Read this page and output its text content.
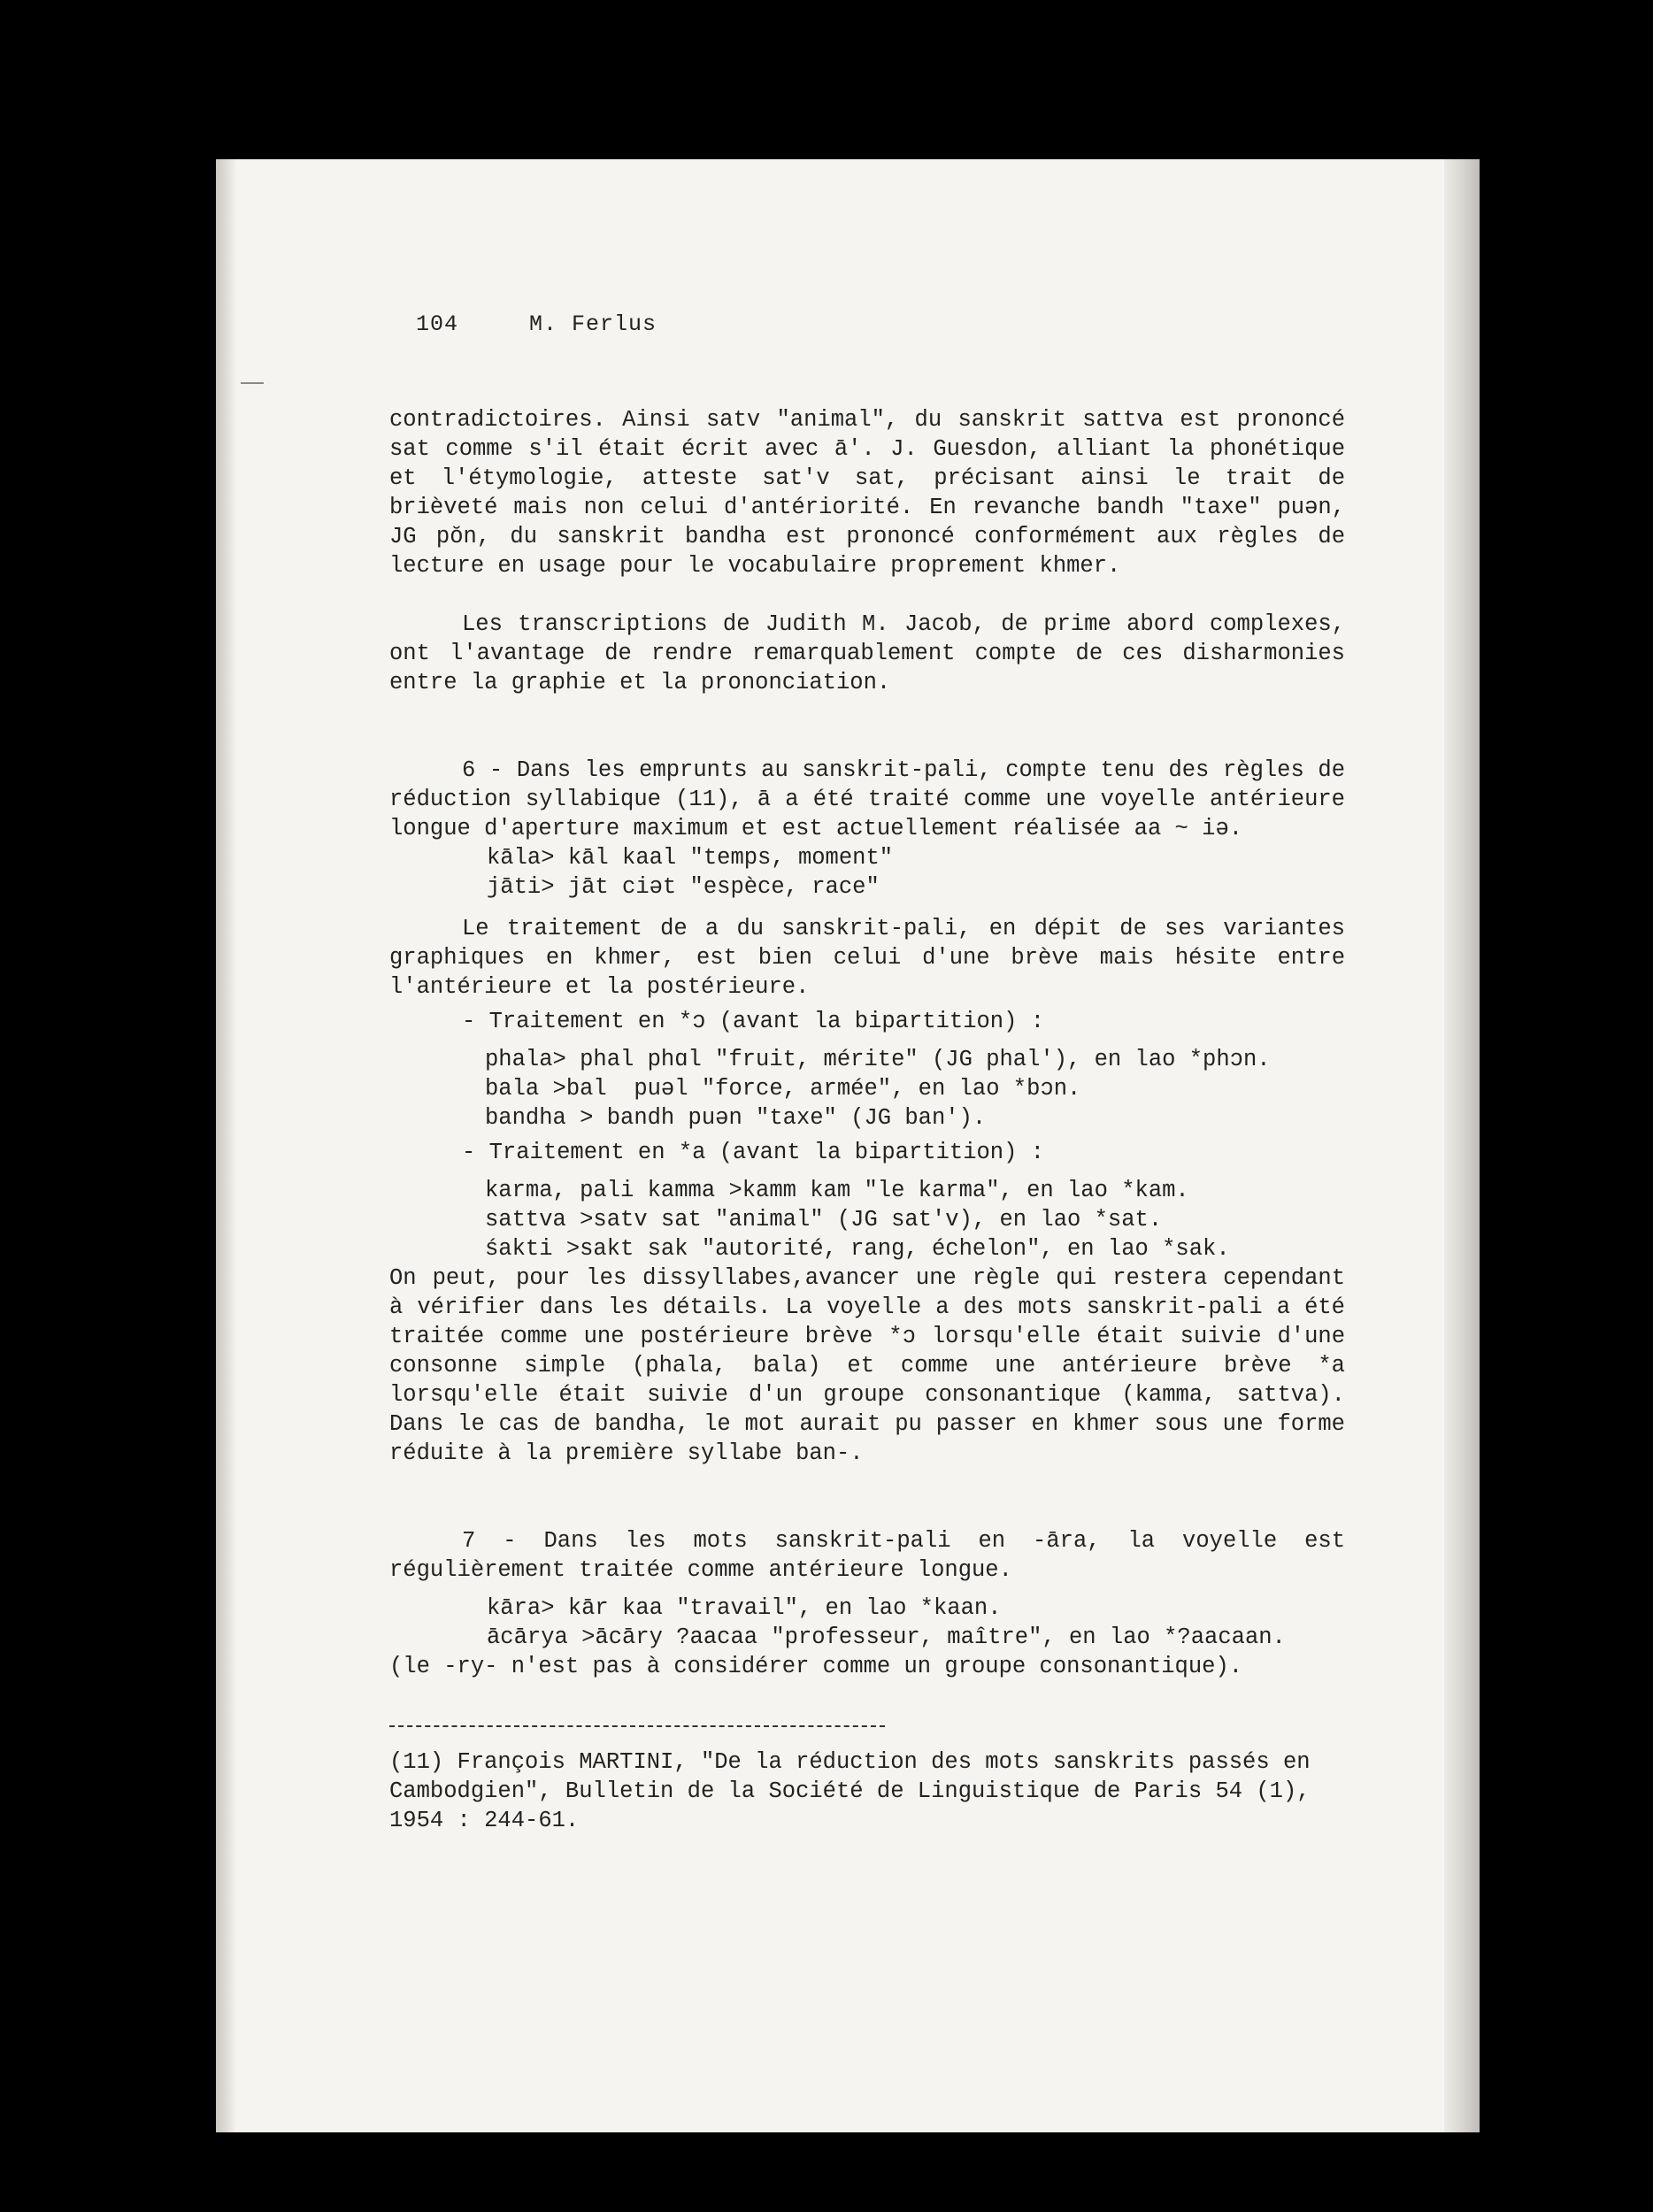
104	M. Ferlus

contradictoires. Ainsi satv "animal", du sanskrit sattva est prononcé sat comme s'il était écrit avec ā'. J. Guesdon, alliant la phonétique et l'étymologie, atteste sat'v sat, précisant ainsi le trait de brièveté mais non celui d'antériorité. En revanche bandh "taxe" puən, JG pŏn, du sanskrit bandha est prononcé conformément aux règles de lecture en usage pour le vocabulaire proprement khmer.

Les transcriptions de Judith M. Jacob, de prime abord complexes, ont l'avantage de rendre remarquablement compte de ces disharmonies entre la graphie et la prononciation.

6 - Dans les emprunts au sanskrit-pali, compte tenu des règles de réduction syllabique (11), ā a été traité comme une voyelle antérieure longue d'aperture maximum et est actuellement réalisée aa ~ iə.

kāla> kāl kaal "temps, moment"

jāti> jāt ciət "espèce, race"

Le traitement de a du sanskrit-pali, en dépit de ses variantes graphiques en khmer, est bien celui d'une brève mais hésite entre l'antérieure et la postérieure.

- Traitement en *ɔ (avant la bipartition) :

phala> phal phɑl "fruit, mérite" (JG phal'), en lao *phɔn.

bala >bal  puəl "force, armée", en lao *bɔn.

bandha > bandh puən "taxe" (JG ban').

- Traitement en *a (avant la bipartition) :

karma, pali kamma >kamm kam "le karma", en lao *kam.

sattva >satv sat "animal" (JG sat'v), en lao *sat.

śakti >sakt sak "autorité, rang, échelon", en lao *sak.

On peut, pour les dissyllabes,avancer une règle qui restera cependant à vérifier dans les détails. La voyelle a des mots sanskrit-pali a été traitée comme une postérieure brève *ɔ lorsqu'elle était suivie d'une consonne simple (phala, bala) et comme une antérieure brève *a lorsqu'elle était suivie d'un groupe consonantique (kamma, sattva). Dans le cas de bandha, le mot aurait pu passer en khmer sous une forme réduite à la première syllabe ban-.

7 - Dans les mots sanskrit-pali en -āra, la voyelle est régulièrement traitée comme antérieure longue.

kāra> kār kaa "travail", en lao *kaan.

ācārya >ācāry ?aacaa "professeur, maître", en lao *?aacaan.

(le -ry- n'est pas à considérer comme un groupe consonantique).

(11) François MARTINI, "De la réduction des mots sanskrits passés en Cambodgien", Bulletin de la Société de Linguistique de Paris 54 (1), 1954 : 244-61.
